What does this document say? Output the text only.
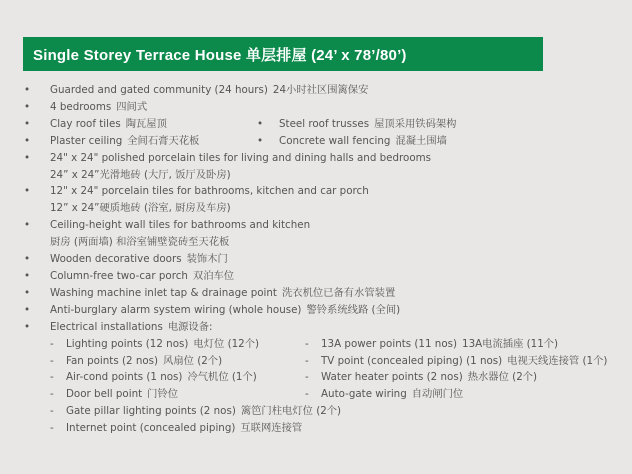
Single Storey Terrace House 单层排屋 (24’ x 78’/80’)
•	Guarded and gated community (24 hours) 24小时社区围篱保安
•	4 bedrooms 四间式
•	Clay roof tiles 陶瓦屋顶	• Steel roof trusses 屋顶采用铁码架构
•	Plaster ceiling 全间石膏天花板	• Concrete wall fencing 混凝土围墙
•	24" x 24" polished porcelain tiles for living and dining halls and bedrooms
24” x 24”光滑地砖 (大厅, 饭厅及卧房)
•	12" x 24" porcelain tiles for bathrooms, kitchen and car porch
12” x 24”硬质地砖 (浴室, 厨房及车房)
•	Ceiling-height wall tiles for bathrooms and kitchen
厨房 (两面墙) 和浴室铺壁瓷砖至天花板
•	Wooden decorative doors 装饰木门
•	Column-free two-car porch 双泊车位
•	Washing machine inlet tap & drainage point 洗衣机位已备有水管装置
•	Anti-burglary alarm system wiring (whole house) 警铃系统线路 (全间)
•	Electrical installations 电源设备:
- Lighting points (12 nos) 电灯位 (12个)	- 13A power points (11 nos) 13A电流插座 (11个)
- Fan points (2 nos) 风扇位 (2个)	- TV point (concealed piping) (1 nos) 电视天线连接管 (1个)
- Air-cond points (1 nos) 冷气机位 (1个)	- Water heater points (2 nos) 热水器位 (2个)
- Door bell point 门铃位	- Auto-gate wiring 自动闸门位
- Gate pillar lighting points (2 nos) 篱笆门柱电灯位 (2个)
- Internet point (concealed piping) 互联网连接管
